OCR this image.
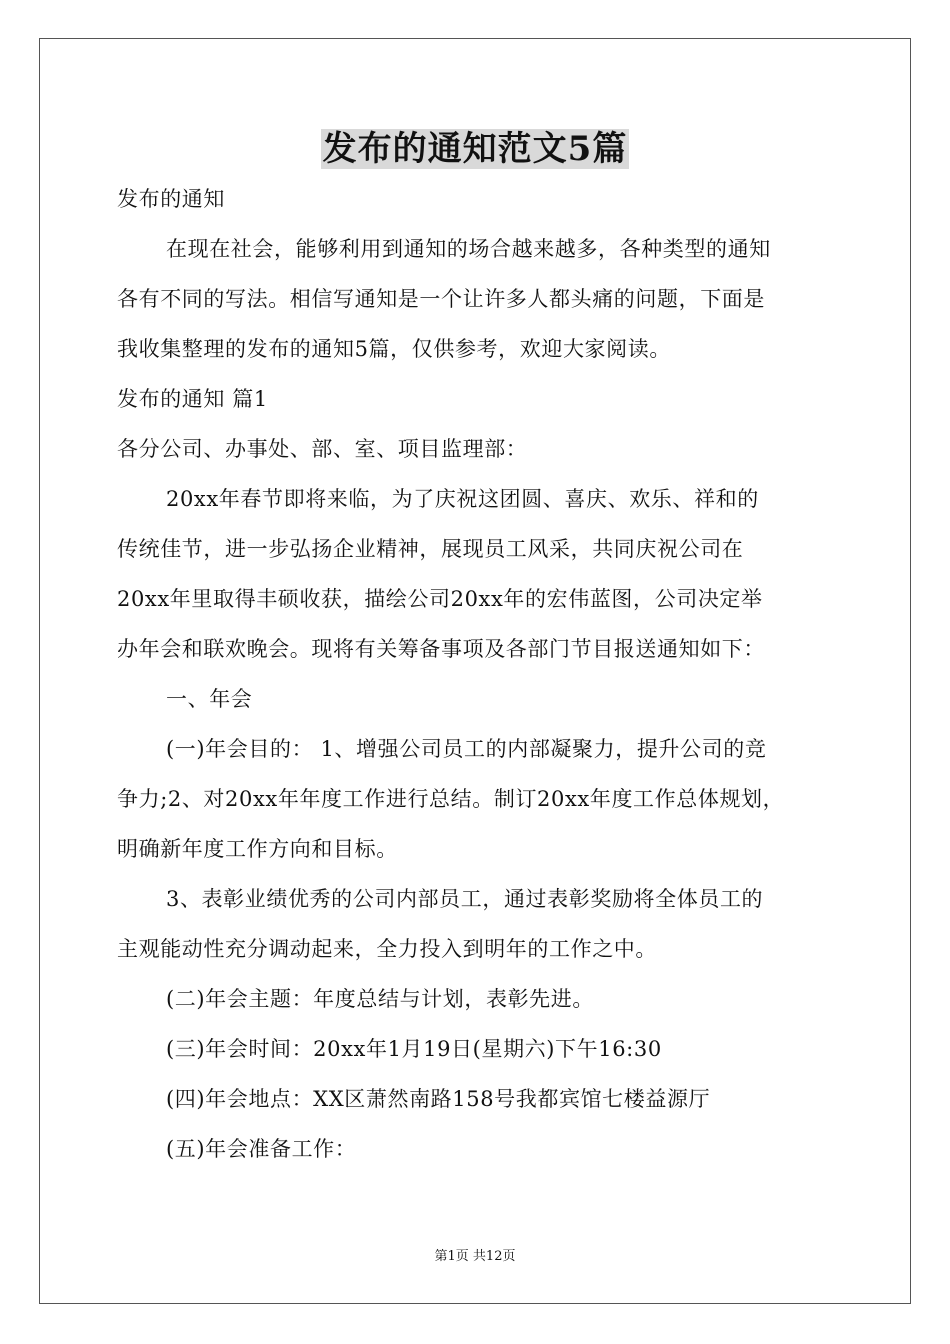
发布的通知范文5篇
发布的通知
在现在社会，能够利用到通知的场合越来越多，各种类型的通知
各有不同的写法。相信写通知是一个让许多人都头痛的问题，下面是
我收集整理的发布的通知5篇，仅供参考，欢迎大家阅读。
发布的通知 篇1
各分公司、办事处、部、室、项目监理部：
20xx年春节即将来临，为了庆祝这团圆、喜庆、欢乐、祥和的
传统佳节，进一步弘扬企业精神，展现员工风采，共同庆祝公司在
20xx年里取得丰硕收获，描绘公司20xx年的宏伟蓝图，公司决定举
办年会和联欢晚会。现将有关筹备事项及各部门节目报送通知如下：
一、年会
(一)年会目的： 1、增强公司员工的内部凝聚力，提升公司的竞
争力;2、对20xx年年度工作进行总结。制订20xx年度工作总体规划，
明确新年度工作方向和目标。
3、表彰业绩优秀的公司内部员工，通过表彰奖励将全体员工的
主观能动性充分调动起来，全力投入到明年的工作之中。
(二)年会主题：年度总结与计划，表彰先进。
(三)年会时间：20xx年1月19日(星期六)下午16:30
(四)年会地点：XX区萧然南路158号我都宾馆七楼益源厅
(五)年会准备工作：
第1页 共12页
